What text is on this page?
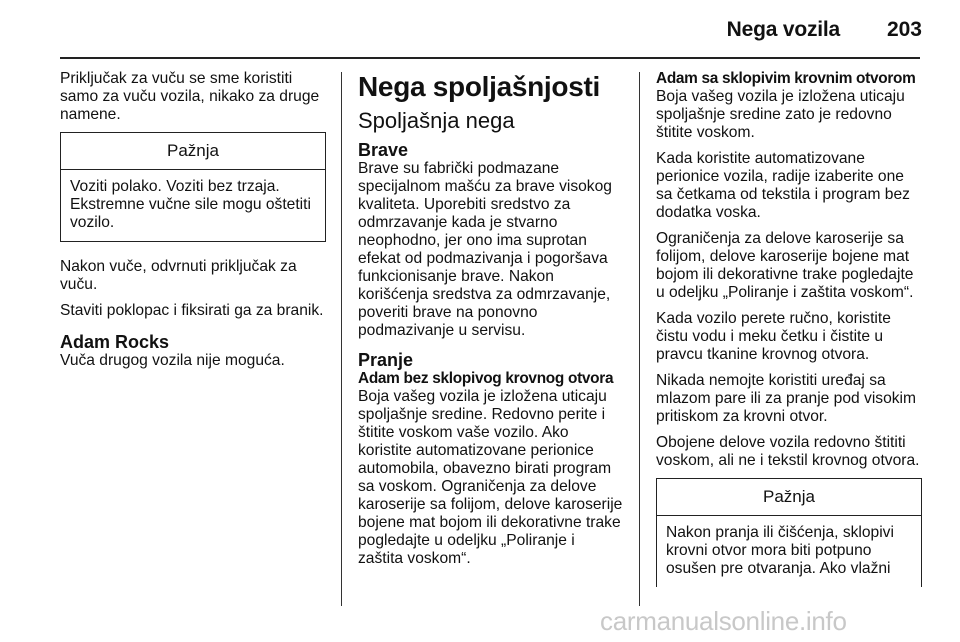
Nega vozila 203

Priključak za vuču se sme koristiti samo za vuču vozila, nikako za druge namene.

Pažnja
Voziti polako. Voziti bez trzaja. Ekstremne vučne sile mogu oštetiti vozilo.

Nakon vuče, odvrnuti priključak za vuču.

Staviti poklopac i fiksirati ga za branik.

Adam Rocks

Vuča drugog vozila nije moguća.

Nega spoljašnjosti
Spoljašnja nega
Brave

Brave su fabrički podmazane specijalnom mašću za brave visokog kvaliteta. Uporebiti sredstvo za odmrzavanje kada je stvarno neophodno, jer ono ima suprotan efekat od podmazivanja i pogoršava funkcionisanje brave. Nakon korišćenja sredstva za odmrzavanje, poveriti brave na ponovno podmazivanje u servisu.

Pranje
Adam bez sklopivog krovnog otvora

Boja vašeg vozila je izložena uticaju spoljašnje sredine. Redovno perite i štitite voskom vaše vozilo. Ako koristite automatizovane perionice automobila, obavezno birati program sa voskom. Ograničenja za delove karoserije sa folijom, delove karoserije bojene mat bojom ili dekorativne trake pogledajte u odeljku „Poliranje i zaštita voskom“.

Adam sa sklopivim krovnim otvorom

Boja vašeg vozila je izložena uticaju spoljašnje sredine zato je redovno štitite voskom.

Kada koristite automatizovane perionice vozila, radije izaberite one sa četkama od tekstila i program bez dodatka voska.

Ograničenja za delove karoserije sa folijom, delove karoserije bojene mat bojom ili dekorativne trake pogledajte u odeljku „Poliranje i zaštita voskom“.

Kada vozilo perete ručno, koristite čistu vodu i meku četku i čistite u pravcu tkanine krovnog otvora.

Nikada nemojte koristiti uređaj sa mlazom pare ili za pranje pod visokim pritiskom za krovni otvor.

Obojene delove vozila redovno štititi voskom, ali ne i tekstil krovnog otvora.

Pažnja
Nakon pranja ili čišćenja, sklopivi krovni otvor mora biti potpuno osušen pre otvaranja. Ako vlažni
carmanualsonline.info
